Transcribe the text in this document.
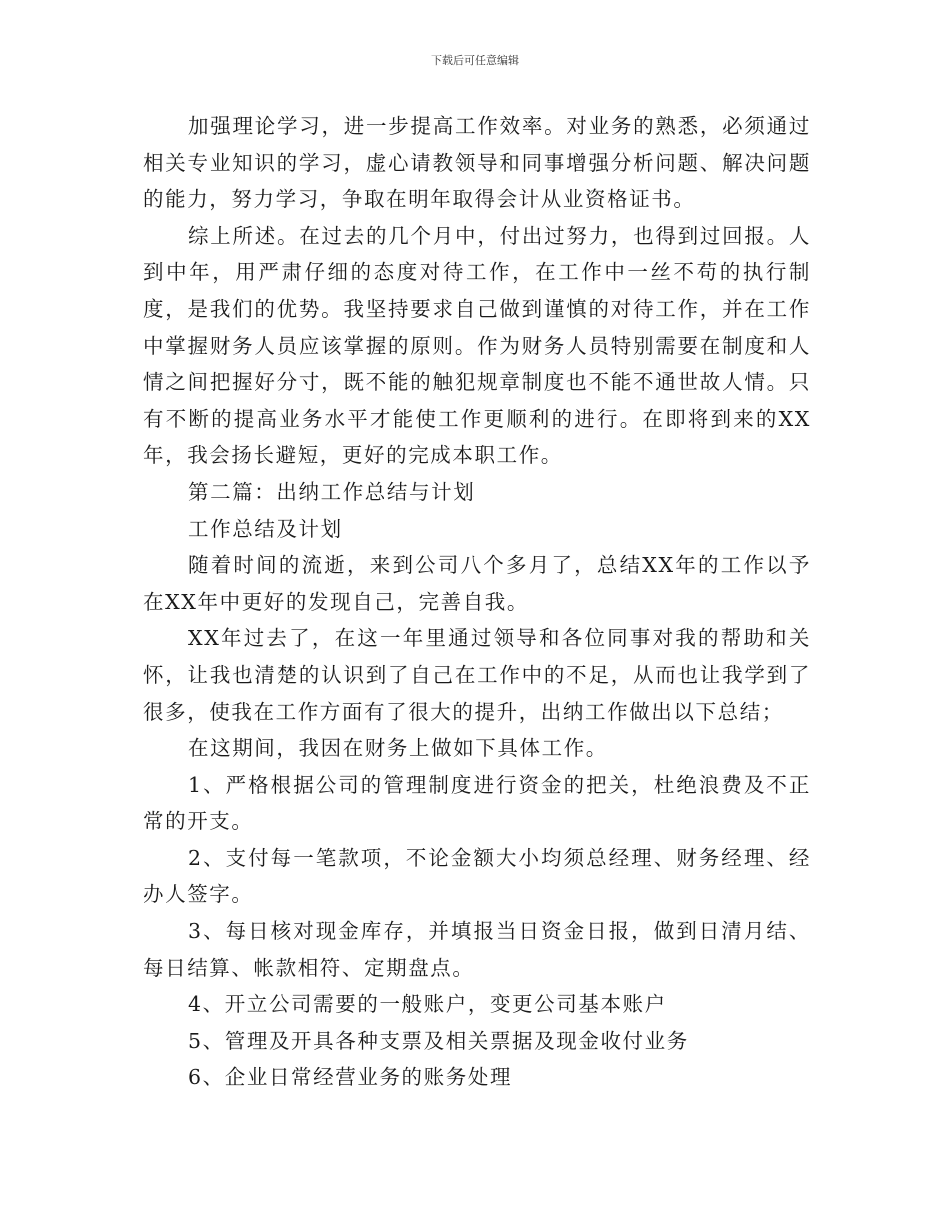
下载后可任意编辑

加强理论学习，进一步提高工作效率。对业务的熟悉，必须通过相关专业知识的学习，虚心请教领导和同事增强分析问题、解决问题的能力，努力学习，争取在明年取得会计从业资格证书。

综上所述。在过去的几个月中，付出过努力，也得到过回报。人到中年，用严肃仔细的态度对待工作，在工作中一丝不苟的执行制度，是我们的优势。我坚持要求自己做到谨慎的对待工作，并在工作中掌握财务人员应该掌握的原则。作为财务人员特别需要在制度和人情之间把握好分寸，既不能的触犯规章制度也不能不通世故人情。只有不断的提高业务水平才能使工作更顺利的进行。在即将到来的XX年，我会扬长避短，更好的完成本职工作。

第二篇：出纳工作总结与计划

工作总结及计划

随着时间的流逝，来到公司八个多月了，总结XX年的工作以予在XX年中更好的发现自己，完善自我。

XX年过去了，在这一年里通过领导和各位同事对我的帮助和关怀，让我也清楚的认识到了自己在工作中的不足，从而也让我学到了很多，使我在工作方面有了很大的提升，出纳工作做出以下总结；

在这期间，我因在财务上做如下具体工作。

1、严格根据公司的管理制度进行资金的把关，杜绝浪费及不正常的开支。

2、支付每一笔款项，不论金额大小均须总经理、财务经理、经办人签字。

3、每日核对现金库存，并填报当日资金日报，做到日清月结、每日结算、帐款相符、定期盘点。

4、开立公司需要的一般账户，变更公司基本账户

5、管理及开具各种支票及相关票据及现金收付业务

6、企业日常经营业务的账务处理
